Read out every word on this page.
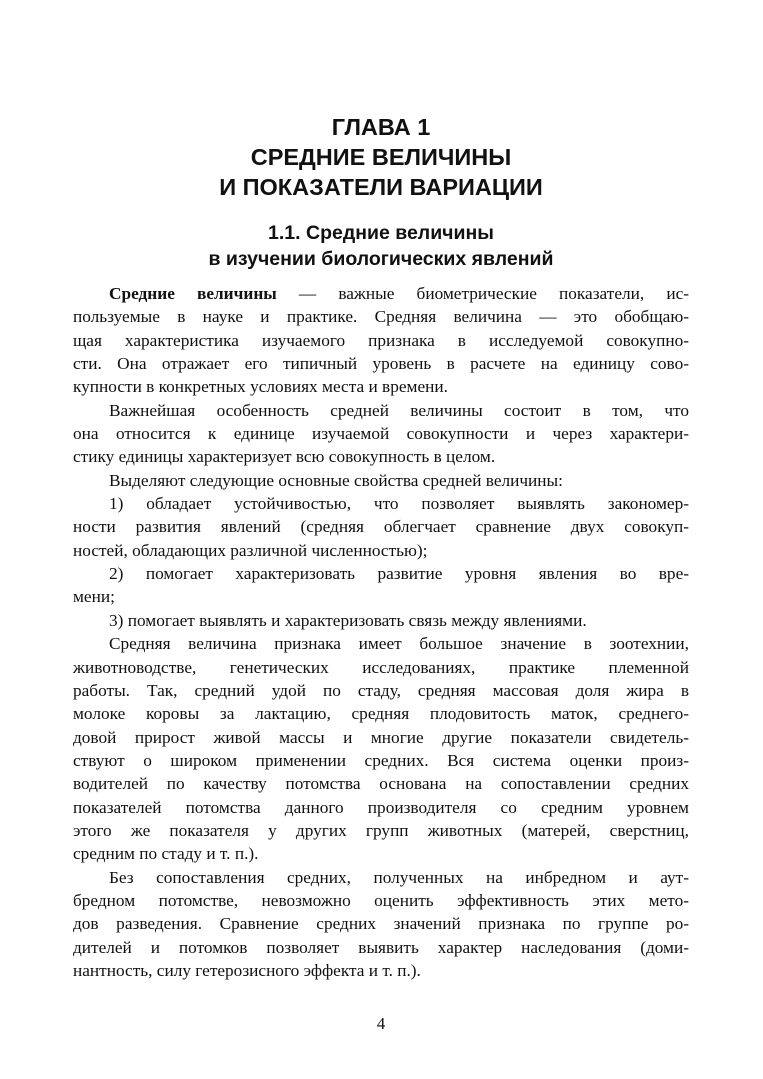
ГЛАВА 1
СРЕДНИЕ ВЕЛИЧИНЫ
И ПОКАЗАТЕЛИ ВАРИАЦИИ
1.1. Средние величины
в изучении биологических явлений
Средние величины — важные биометрические показатели, ис-
пользуемые в науке и практике. Средняя величина — это обобщаю-
щая характеристика изучаемого признака в исследуемой совокупно-
сти. Она отражает его типичный уровень в расчете на единицу сово-
купности в конкретных условиях места и времени.
Важнейшая особенность средней величины состоит в том, что
она относится к единице изучаемой совокупности и через характери-
стику единицы характеризует всю совокупность в целом.
Выделяют следующие основные свойства средней величины:
1) обладает устойчивостью, что позволяет выявлять закономер-
ности развития явлений (средняя облегчает сравнение двух совокуп-
ностей, обладающих различной численностью);
2) помогает характеризовать развитие уровня явления во вре-
мени;
3) помогает выявлять и характеризовать связь между явлениями.
Средняя величина признака имеет большое значение в зоотехнии,
животноводстве, генетических исследованиях, практике племенной
работы. Так, средний удой по стаду, средняя массовая доля жира в
молоке коровы за лактацию, средняя плодовитость маток, среднего-
довой прирост живой массы и многие другие показатели свидетель-
ствуют о широком применении средних. Вся система оценки произ-
водителей по качеству потомства основана на сопоставлении средних
показателей потомства данного производителя со средним уровнем
этого же показателя у других групп животных (матерей, сверстниц,
средним по стаду и т. п.).
Без сопоставления средних, полученных на инбредном и аут-
бредном потомстве, невозможно оценить эффективность этих мето-
дов разведения. Сравнение средних значений признака по группе ро-
дителей и потомков позволяет выявить характер наследования (доми-
нантность, силу гетерозисного эффекта и т. п.).
4
